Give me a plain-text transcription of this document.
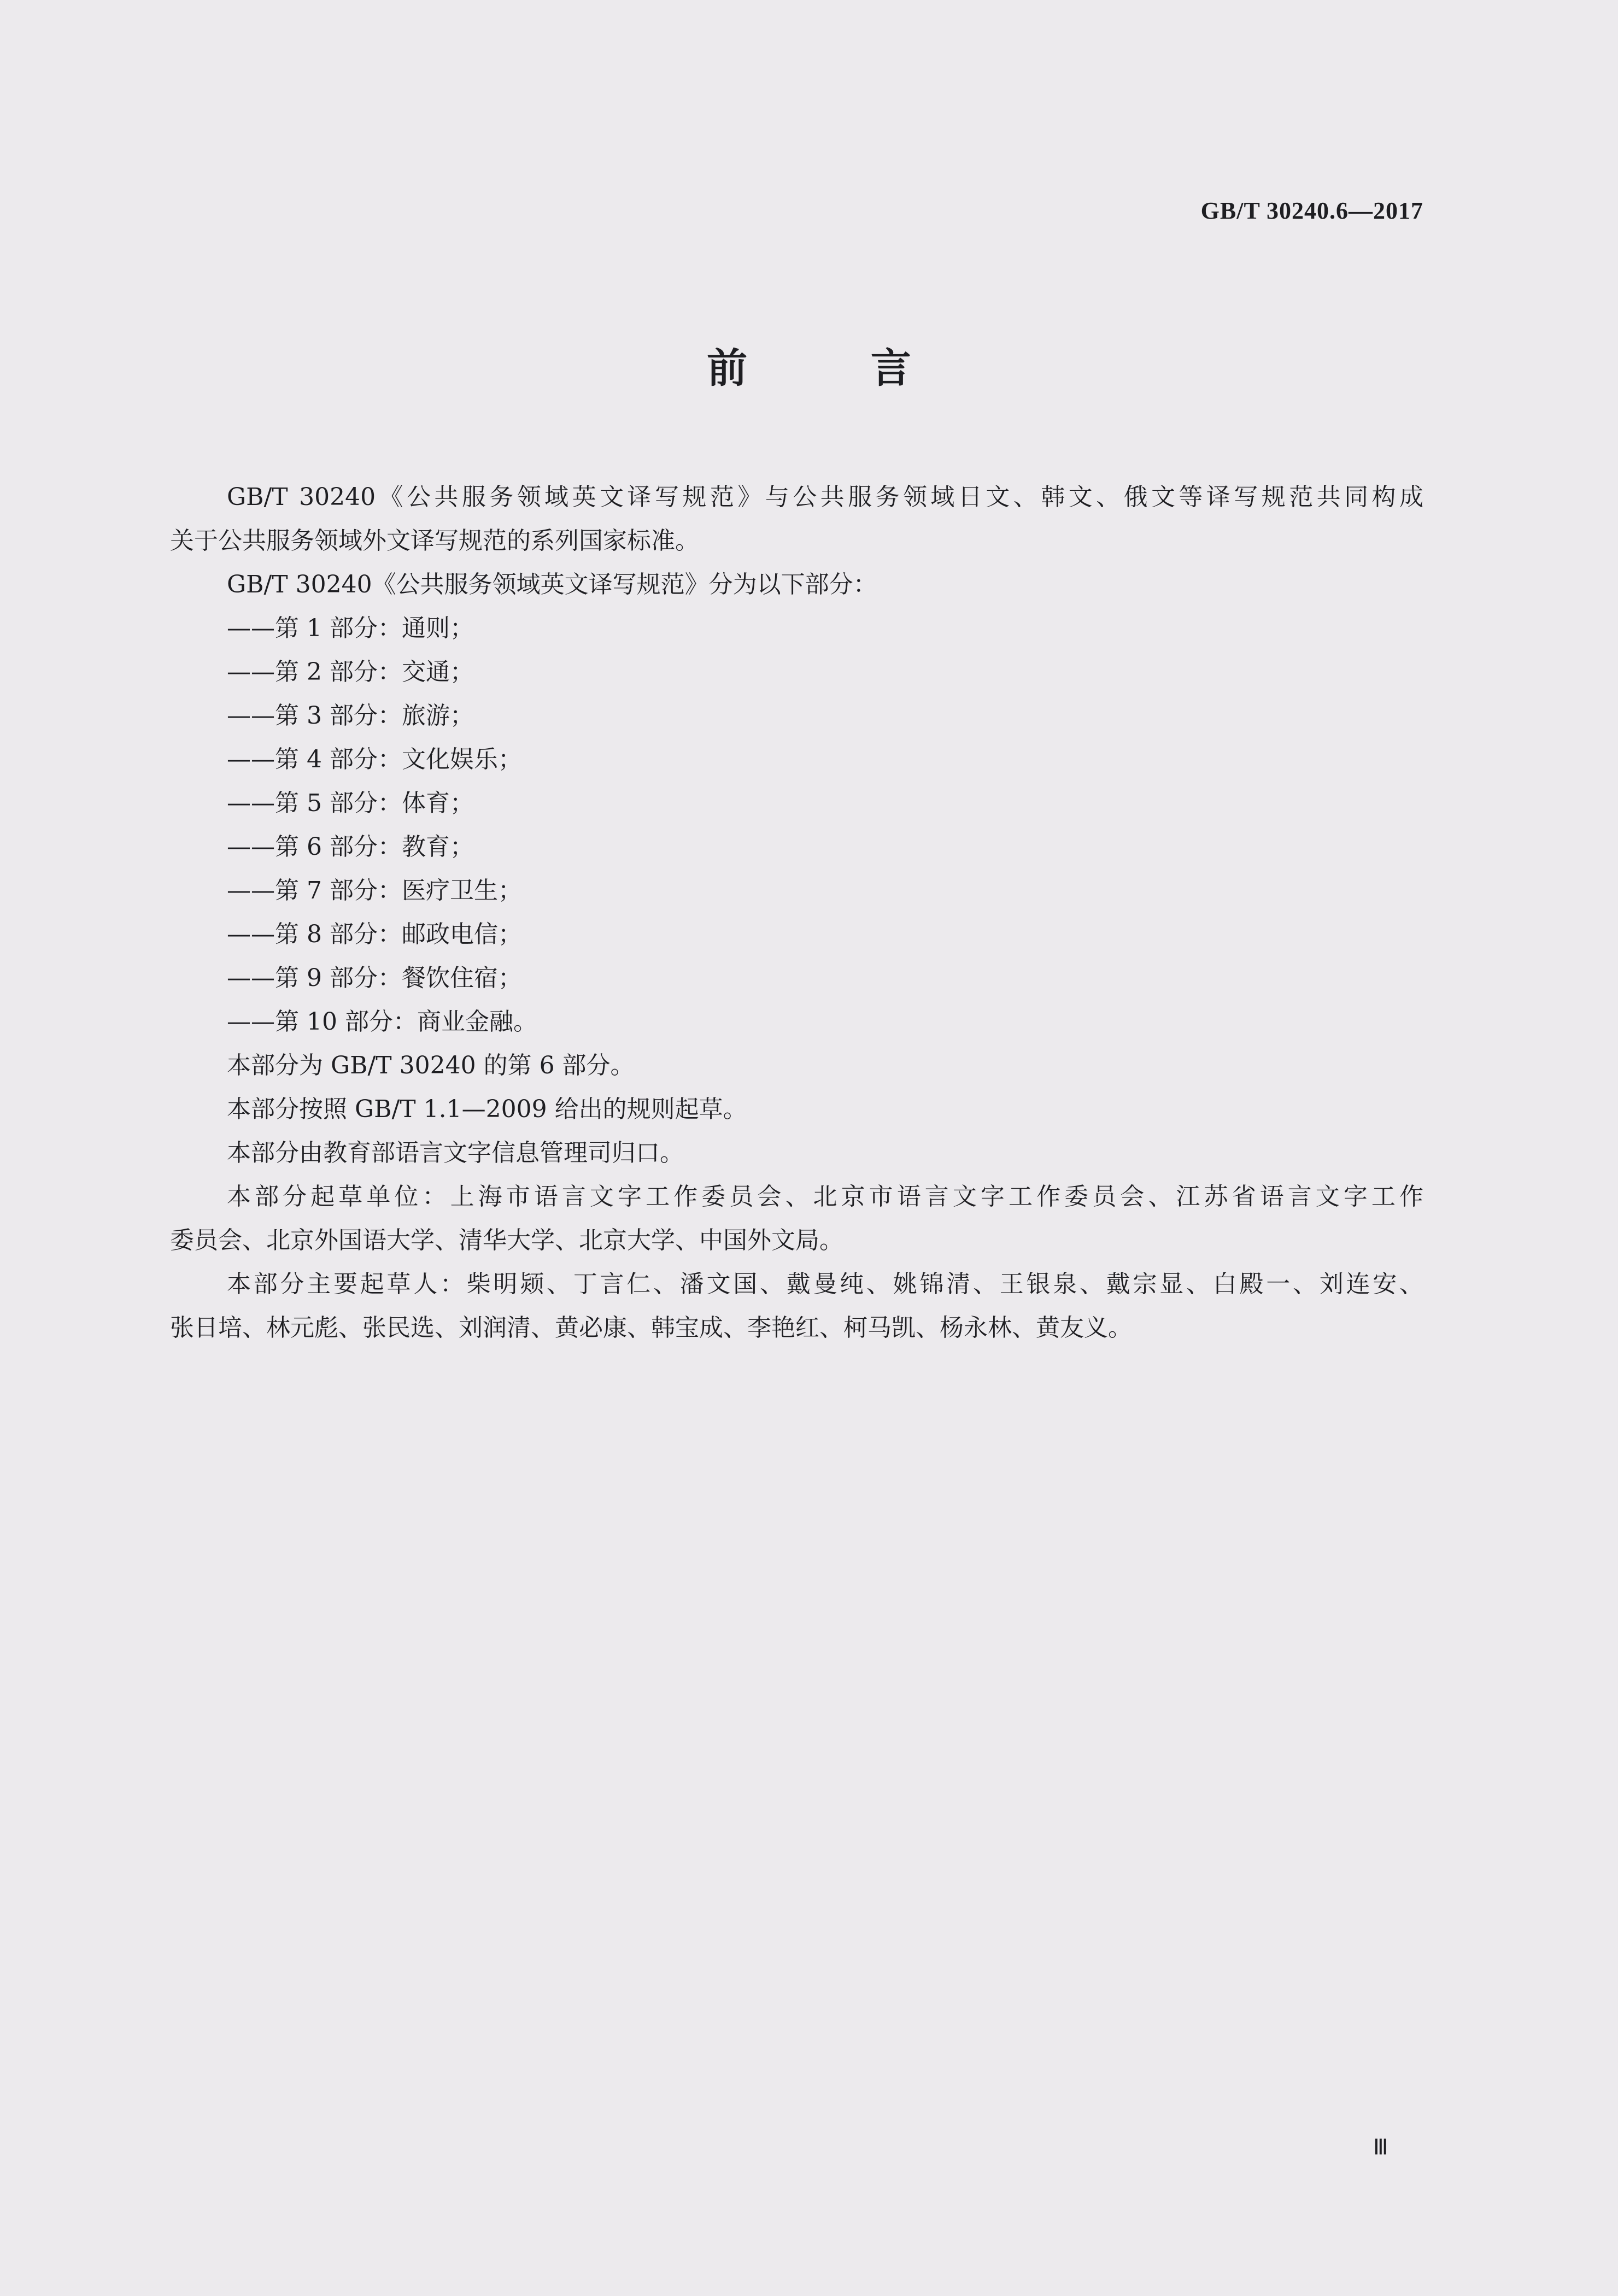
GB/T 30240.6—2017
前 言
GB/T 30240《公共服务领域英文译写规范》与公共服务领域日文、韩文、俄文等译写规范共同构成
关于公共服务领域外文译写规范的系列国家标准。
GB/T 30240《公共服务领域英文译写规范》分为以下部分：
——第 1 部分：通则；
——第 2 部分：交通；
——第 3 部分：旅游；
——第 4 部分：文化娱乐；
——第 5 部分：体育；
——第 6 部分：教育；
——第 7 部分：医疗卫生；
——第 8 部分：邮政电信；
——第 9 部分：餐饮住宿；
——第 10 部分：商业金融。
本部分为 GB/T 30240 的第 6 部分。
本部分按照 GB/T 1.1—2009 给出的规则起草。
本部分由教育部语言文字信息管理司归口。
本部分起草单位：上海市语言文字工作委员会、北京市语言文字工作委员会、江苏省语言文字工作
委员会、北京外国语大学、清华大学、北京大学、中国外文局。
本部分主要起草人：柴明颎、丁言仁、潘文国、戴曼纯、姚锦清、王银泉、戴宗显、白殿一、刘连安、
张日培、林元彪、张民选、刘润清、黄必康、韩宝成、李艳红、柯马凯、杨永林、黄友义。
Ⅲ
